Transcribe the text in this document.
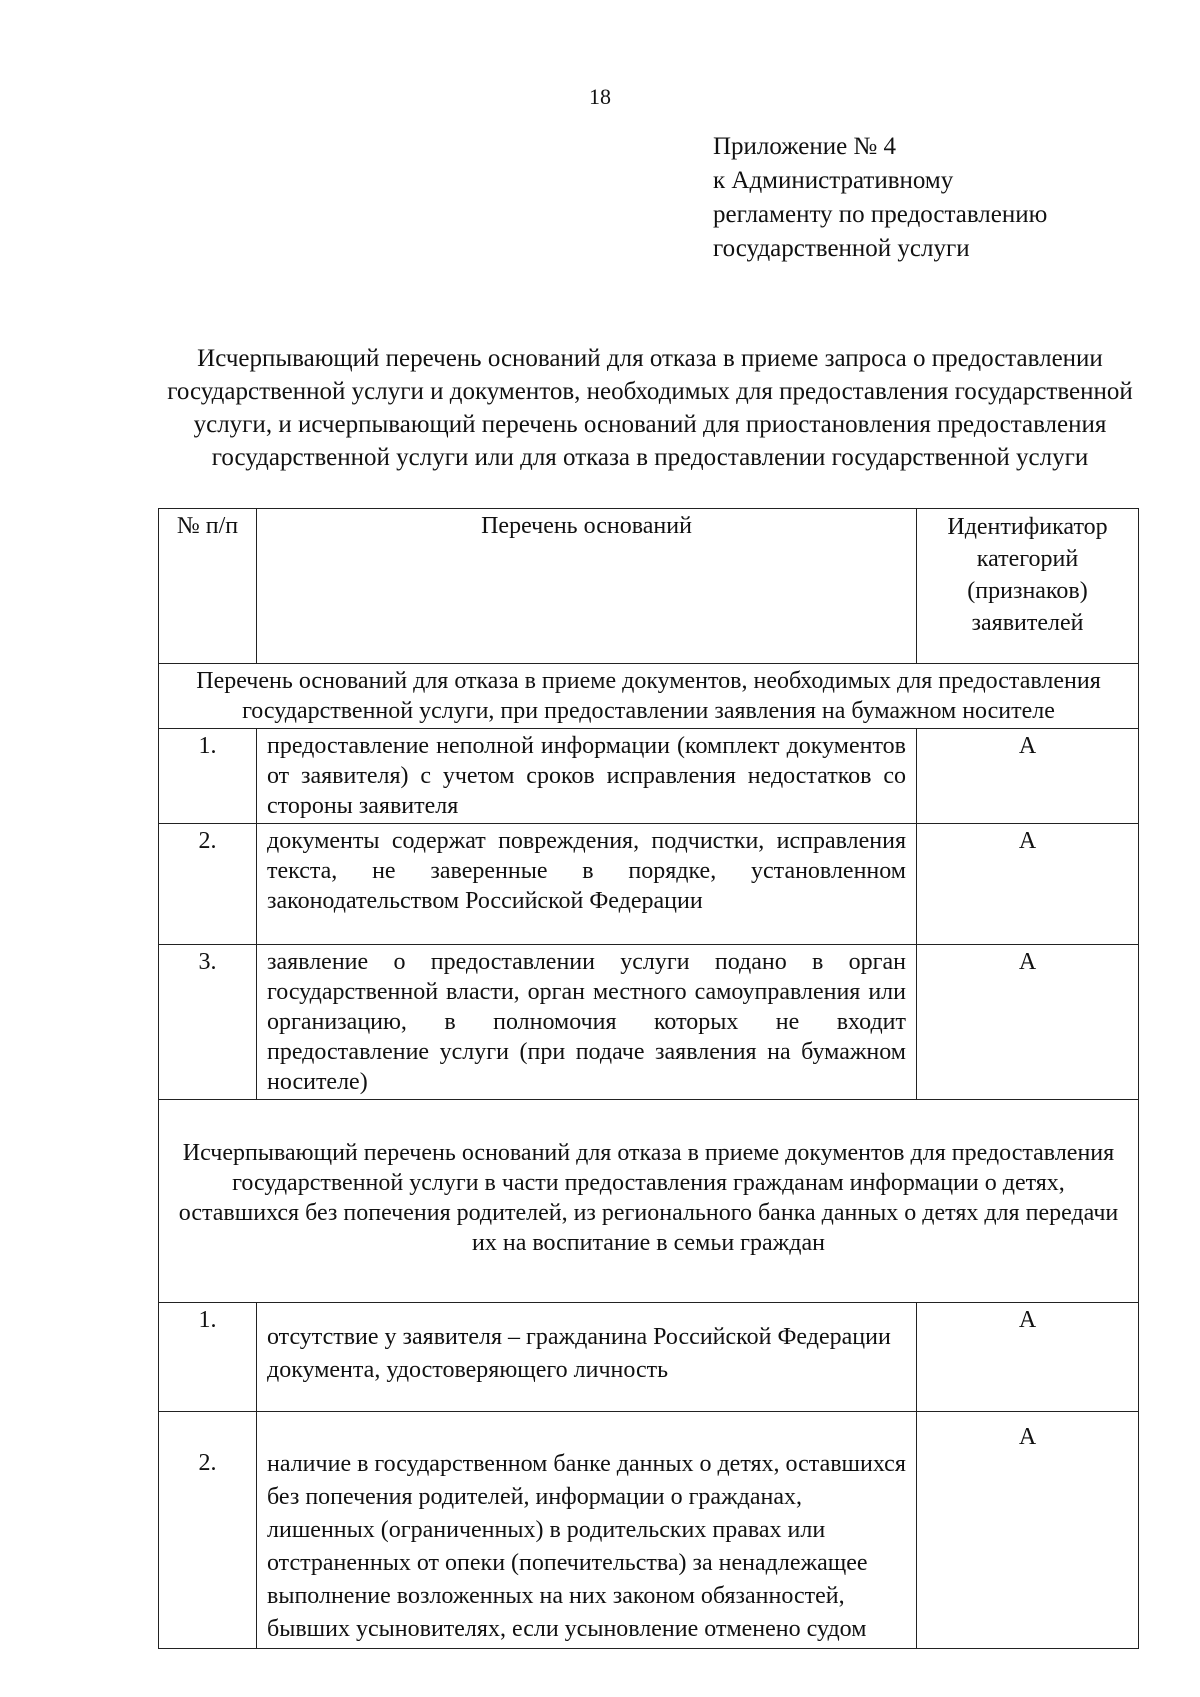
18
Приложение № 4
к Административному
регламенту по предоставлению
государственной услуги
Исчерпывающий перечень оснований для отказа в приеме запроса о предоставлении государственной услуги и документов, необходимых для предоставления государственной услуги, и исчерпывающий перечень оснований для приостановления предоставления государственной услуги или для отказа в предоставлении государственной услуги
№ п/п	Перечень оснований	Идентификатор категорий (признаков) заявителей
Перечень оснований для отказа в приеме документов, необходимых для предоставления государственной услуги, при предоставлении заявления на бумажном носителе		
1.	предоставление неполной информации (комплект документов от заявителя) с учетом сроков исправления недостатков со стороны заявителя	А
2.	документы содержат повреждения, подчистки, исправления текста, не заверенные в порядке, установленном законодательством Российской Федерации	А
3.	заявление о предоставлении услуги подано в орган государственной власти, орган местного самоуправления или организацию, в полномочия которых не входит предоставление услуги (при подаче заявления на бумажном носителе)	А
Исчерпывающий перечень оснований для отказа в приеме документов для предоставления государственной услуги в части предоставления гражданам информации о детях, оставшихся без попечения родителей, из регионального банка данных о детях для передачи их на воспитание в семьи граждан		
1.	отсутствие у заявителя – гражданина Российской Федерации документа, удостоверяющего личность	А
2.	наличие в государственном банке данных о детях, оставшихся без попечения родителей, информации о гражданах, лишенных (ограниченных) в родительских правах или отстраненных от опеки (попечительства) за ненадлежащее выполнение возложенных на них законом обязанностей, бывших усыновителях, если усыновление отменено судом	А
